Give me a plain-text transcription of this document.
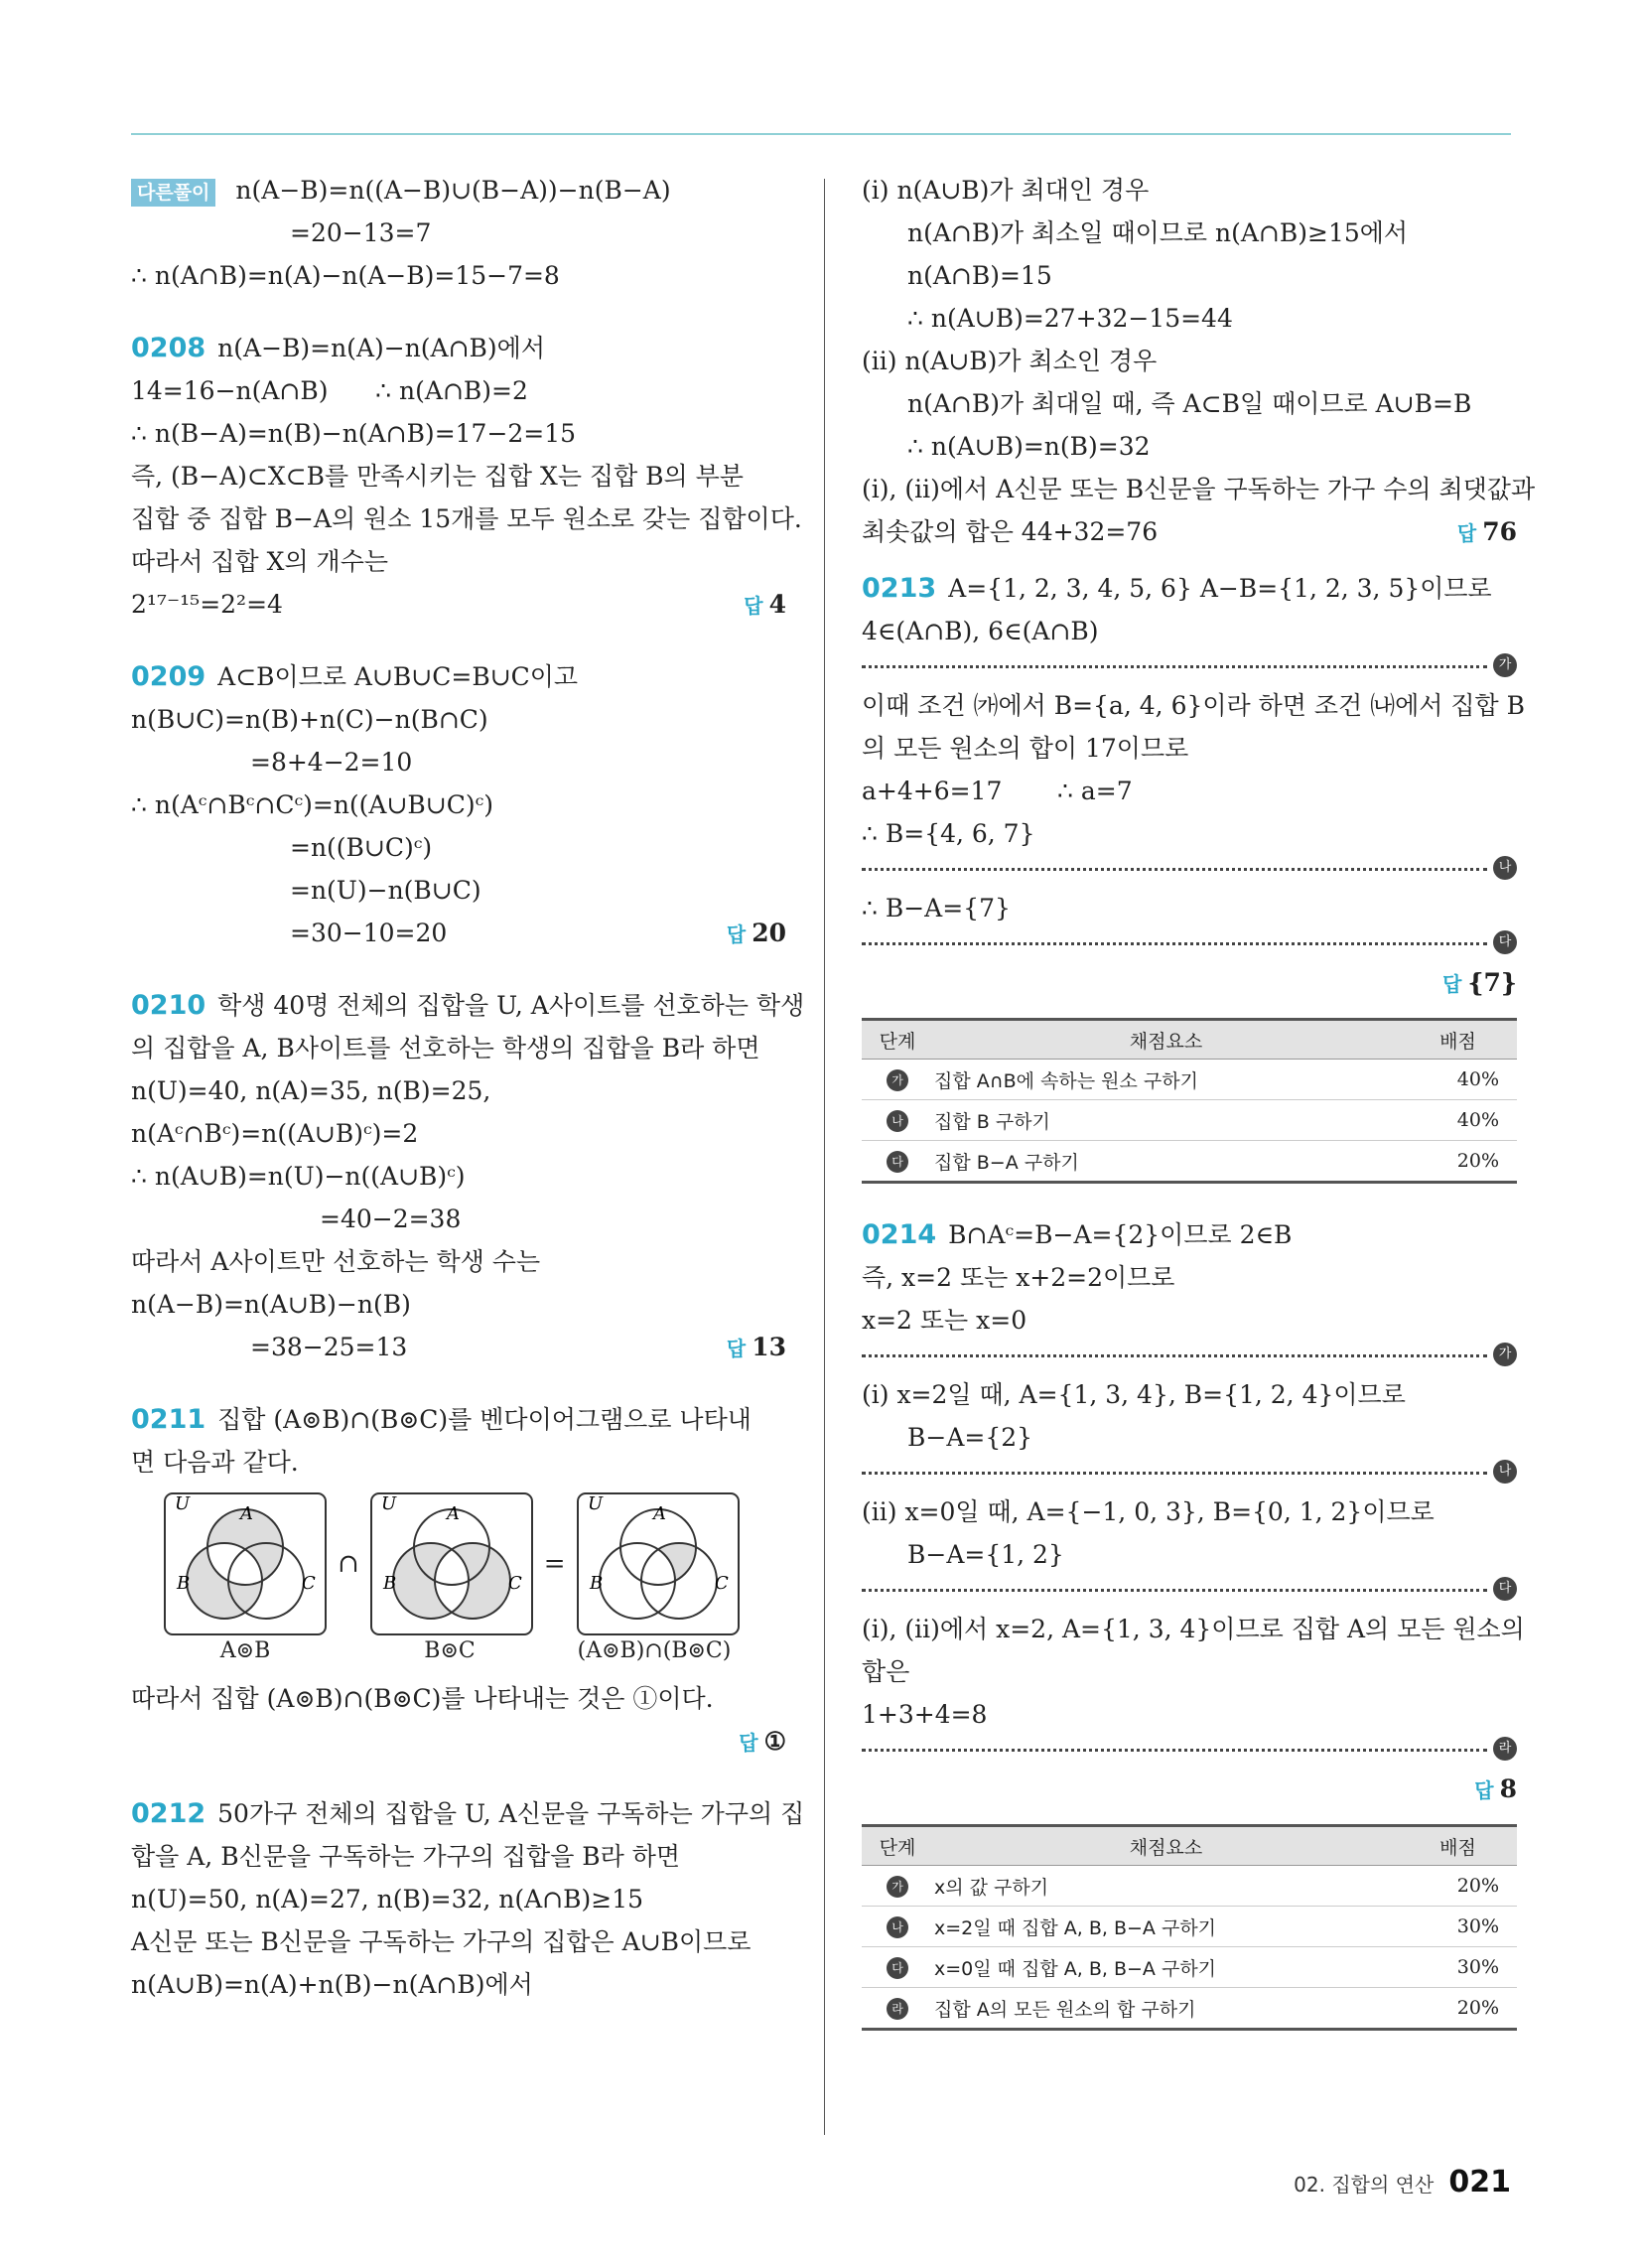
다른풀이 n(A−B)=n((A−B)∪(B−A))−n(B−A)
=20−13=7
∴ n(A∩B)=n(A)−n(A−B)=15−7=8
0208 n(A−B)=n(A)−n(A∩B)에서
14=16−n(A∩B)      ∴ n(A∩B)=2
∴ n(B−A)=n(B)−n(A∩B)=17−2=15
즉, (B−A)⊂X⊂B를 만족시키는 집합 X는 집합 B의 부분
집합 중 집합 B−A의 원소 15개를 모두 원소로 갖는 집합이다.
따라서 집합 X의 개수는
2¹⁷⁻¹⁵=2²=4	답 4
0209 A⊂B이므로 A∪B∪C=B∪C이고
n(B∪C)=n(B)+n(C)−n(B∩C)
=8+4−2=10
∴ n(Aᶜ∩Bᶜ∩Cᶜ)=n((A∪B∪C)ᶜ)
=n((B∪C)ᶜ)
=n(U)−n(B∪C)
=30−10=20	답 20
0210 학생 40명 전체의 집합을 U, A사이트를 선호하는 학생
의 집합을 A, B사이트를 선호하는 학생의 집합을 B라 하면
n(U)=40, n(A)=35, n(B)=25,
n(Aᶜ∩Bᶜ)=n((A∪B)ᶜ)=2
∴ n(A∪B)=n(U)−n((A∪B)ᶜ)
=40−2=38
따라서 A사이트만 선호하는 학생 수는
n(A−B)=n(A∪B)−n(B)
=38−25=13	답 13
0211 집합 (A⊚B)∩(B⊚C)를 벤다이어그램으로 나타내
면 다음과 같다.
U	A
B	C
∩
U	A
B	C
=
U	A
B	C
A⊚B	B⊚C	(A⊚B)∩(B⊚C)
따라서 집합 (A⊚B)∩(B⊚C)를 나타내는 것은 ①이다.
답 ①
0212 50가구 전체의 집합을 U, A신문을 구독하는 가구의 집
합을 A, B신문을 구독하는 가구의 집합을 B라 하면
n(U)=50, n(A)=27, n(B)=32, n(A∩B)≥15
A신문 또는 B신문을 구독하는 가구의 집합은 A∪B이므로
n(A∪B)=n(A)+n(B)−n(A∩B)에서
(ⅰ) n(A∪B)가 최대인 경우
n(A∩B)가 최소일 때이므로 n(A∩B)≥15에서
n(A∩B)=15
∴ n(A∪B)=27+32−15=44
(ⅱ) n(A∪B)가 최소인 경우
n(A∩B)가 최대일 때, 즉 A⊂B일 때이므로 A∪B=B
∴ n(A∪B)=n(B)=32
(ⅰ), (ⅱ)에서 A신문 또는 B신문을 구독하는 가구 수의 최댓값과
최솟값의 합은 44+32=76	답 76
0213 A={1, 2, 3, 4, 5, 6} A−B={1, 2, 3, 5}이므로
4∈(A∩B), 6∈(A∩B)
가
이때 조건 ㈎에서 B={a, 4, 6}이라 하면 조건 ㈏에서 집합 B
의 모든 원소의 합이 17이므로
a+4+6=17       ∴ a=7
∴ B={4, 6, 7}
나
∴ B−A={7}
다
답 {7}
단계	채점요소	배점
가	집합 A∩B에 속하는 원소 구하기	40%
나	집합 B 구하기	40%
다	집합 B−A 구하기	20%
0214 B∩Aᶜ=B−A={2}이므로 2∈B
즉, x=2 또는 x+2=2이므로
x=2 또는 x=0
가
(ⅰ) x=2일 때, A={1, 3, 4}, B={1, 2, 4}이므로
B−A={2}
나
(ⅱ) x=0일 때, A={−1, 0, 3}, B={0, 1, 2}이므로
B−A={1, 2}
다
(ⅰ), (ⅱ)에서 x=2, A={1, 3, 4}이므로 집합 A의 모든 원소의
합은
1+3+4=8
라
답 8
단계	채점요소	배점
가	x의 값 구하기	20%
나	x=2일 때 집합 A, B, B−A 구하기	30%
다	x=0일 때 집합 A, B, B−A 구하기	30%
라	집합 A의 모든 원소의 합 구하기	20%
02. 집합의 연산 021
